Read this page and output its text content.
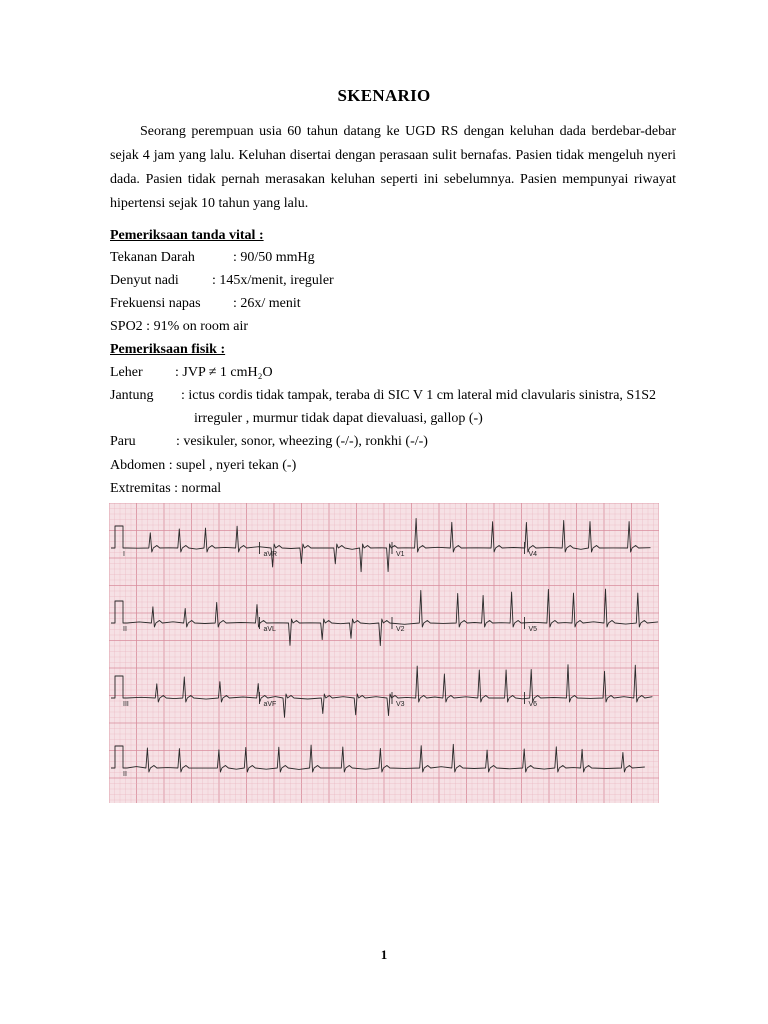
SKENARIO

Seorang perempuan usia 60 tahun datang ke UGD RS dengan keluhan dada berdebar-debar sejak 4 jam yang lalu. Keluhan disertai dengan perasaan sulit bernafas. Pasien tidak mengeluh nyeri dada. Pasien tidak pernah merasakan keluhan seperti ini sebelumnya. Pasien mempunyai riwayat hipertensi sejak 10 tahun yang lalu.

Pemeriksaan tanda vital :
Tekanan Darah	: 90/50 mmHg
Denyut nadi : 145x/menit, ireguler
Frekuensi napas : 26x/ menit
SPO2 : 91% on room air
Pemeriksaan fisik :
Leher : JVP ≠ 1 cmH₂O
Jantung : ictus cordis tidak tampak, teraba di SIC V 1 cm lateral mid clavularis sinistra, S1S2
irreguler , murmur tidak dapat dievaluasi, gallop (-)
Paru	: vesikuler, sonor, wheezing (-/-), ronkhi (-/-)
Abdomen : supel , nyeri tekan (-)
Extremitas : normal
I	aVR	V1	V4
II	aVL	V2	V5
III	aVF	V3	V6
II
1
